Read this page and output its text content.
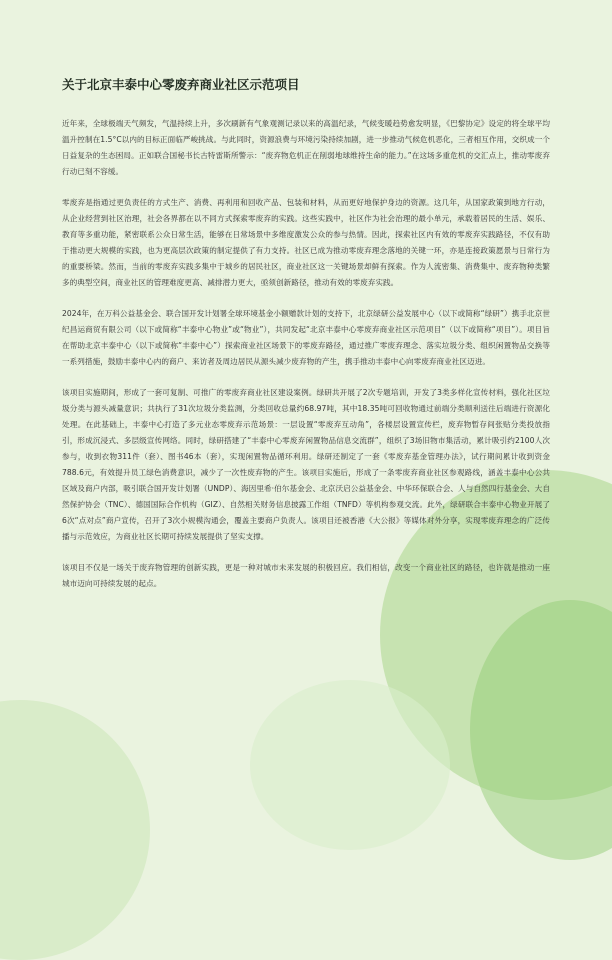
关于北京丰泰中心零废弃商业社区示范项目

近年来，全球极端天气频发，气温持续上升，多次刷新有气象观测记录以来的高温纪录，气候变暖趋势愈发明显，《巴黎协定》设定的将全球平均温升控制在1.5°C以内的目标正面临严峻挑战。与此同时，资源浪费与环境污染持续加剧，进一步推动气候危机恶化，三者相互作用，交织成一个日益复杂的生态困局。正如联合国秘书长古特雷斯所警示：“废弃物危机正在削弱地球维持生命的能力。”在这场多重危机的交汇点上，推动零废弃行动已刻不容缓。

零废弃是指通过更负责任的方式生产、消费、再利用和回收产品、包装和材料，从而更好地保护身边的资源。这几年，从国家政策到地方行动，从企业经营到社区治理，社会各界都在以不同方式探索零废弃的实践。这些实践中，社区作为社会治理的最小单元，承载着居民的生活、娱乐、教育等多重功能，紧密联系公众日常生活，能够在日常场景中多维度激发公众的参与热情。因此，探索社区内有效的零废弃实践路径，不仅有助于推动更大规模的实践，也为更高层次政策的制定提供了有力支持。社区已成为推动零废弃理念落地的关键一环，亦是连接政策愿景与日常行为的重要桥梁。然而，当前的零废弃实践多集中于城乡的居民社区，商业社区这一关键场景却鲜有探索。作为人流密集、消费集中、废弃物种类繁多的典型空间，商业社区的管理难度更高、减排潜力更大，亟须创新路径，推动有效的零废弃实践。

2024年，在万科公益基金会、联合国开发计划署全球环境基金小额赠款计划的支持下，北京绿研公益发展中心（以下或简称“绿研”）携手北京世纪昌运商贸有限公司（以下或简称“丰泰中心物业”或“物业”），共同发起“北京丰泰中心零废弃商业社区示范项目”（以下或简称“项目”）。项目旨在帮助北京丰泰中心（以下或简称“丰泰中心”）探索商业社区场景下的零废弃路径，通过推广零废弃理念、落实垃圾分类、组织闲置物品交换等一系列措施，鼓励丰泰中心内的商户、来访者及周边居民从源头减少废弃物的产生，携手推动丰泰中心向零废弃商业社区迈进。

该项目实施期间，形成了一套可复制、可推广的零废弃商业社区建设案例。绿研共开展了2次专题培训，开发了3类多样化宣传材料，强化社区垃圾分类与源头减量意识；共执行了31次垃圾分类监测，分类回收总量约68.97吨，其中18.35吨可回收物通过前端分类顺利送往后端进行资源化处理。在此基础上，丰泰中心打造了多元业态零废弃示范场景：一层设置“零废弃互动角”，各楼层设置宣传栏，废弃物暂存间张贴分类投放指引，形成沉浸式、多层级宣传网络。同时，绿研搭建了“丰泰中心零废弃闲置物品信息交流群”，组织了3场旧物市集活动，累计吸引约2100人次参与，收到衣物311件（套）、图书46本（套），实现闲置物品循环利用。绿研还制定了一套《零废弃基金管理办法》，试行期间累计收到资金788.6元，有效提升员工绿色消费意识，减少了一次性废弃物的产生。该项目实施后，形成了一条零废弃商业社区参观路线，涵盖丰泰中心公共区域及商户内部，吸引联合国开发计划署（UNDP）、海因里希·伯尔基金会、北京沃启公益基金会、中华环保联合会、人与自然四行基金会、大自然保护协会（TNC）、德国国际合作机构（GIZ）、自然相关财务信息披露工作组（TNFD）等机构参观交流。此外，绿研联合丰泰中心物业开展了6次“点对点”商户宣传，召开了3次小规模沟通会，覆盖主要商户负责人。该项目还被香港《大公报》等媒体对外分享，实现零废弃理念的广泛传播与示范效应，为商业社区长期可持续发展提供了坚实支撑。

该项目不仅是一场关于废弃物管理的创新实践，更是一种对城市未来发展的积极回应。我们相信，改变一个商业社区的路径，也许就是推动一座城市迈向可持续发展的起点。
